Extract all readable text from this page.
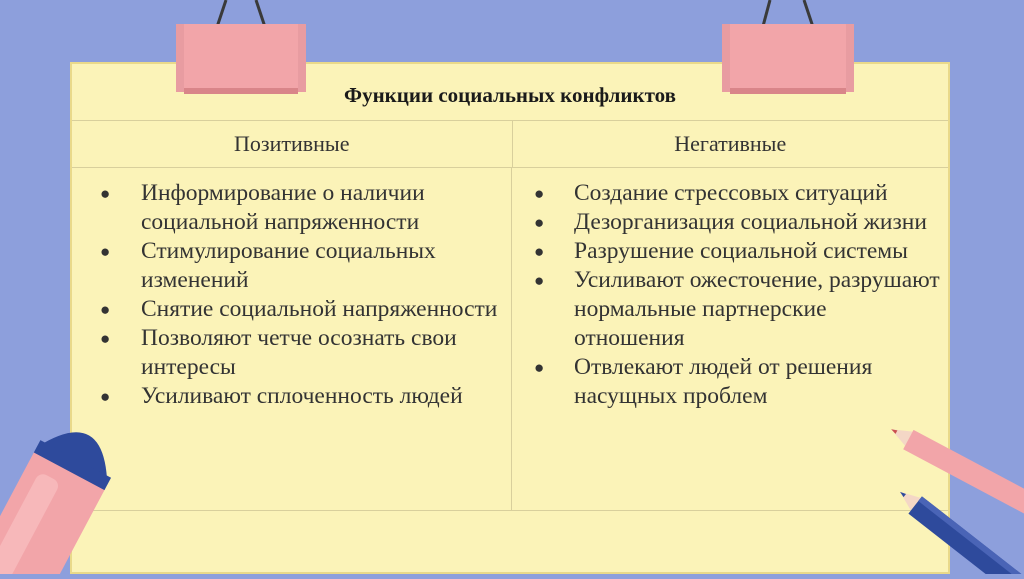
Функции социальных конфликтов
Позитивные	Негативные
● Информирование о наличии социальной напряженности
● Стимулирование социальных изменений
● Снятие социальной напряженности
● Позволяют четче осознать свои интересы
● Усиливают сплоченность людей
● Создание стрессовых ситуаций
● Дезорганизация социальной жизни
● Разрушение социальной системы
● Усиливают ожесточение, разрушают нормальные партнерские отношения
● Отвлекают людей от решения насущных проблем
